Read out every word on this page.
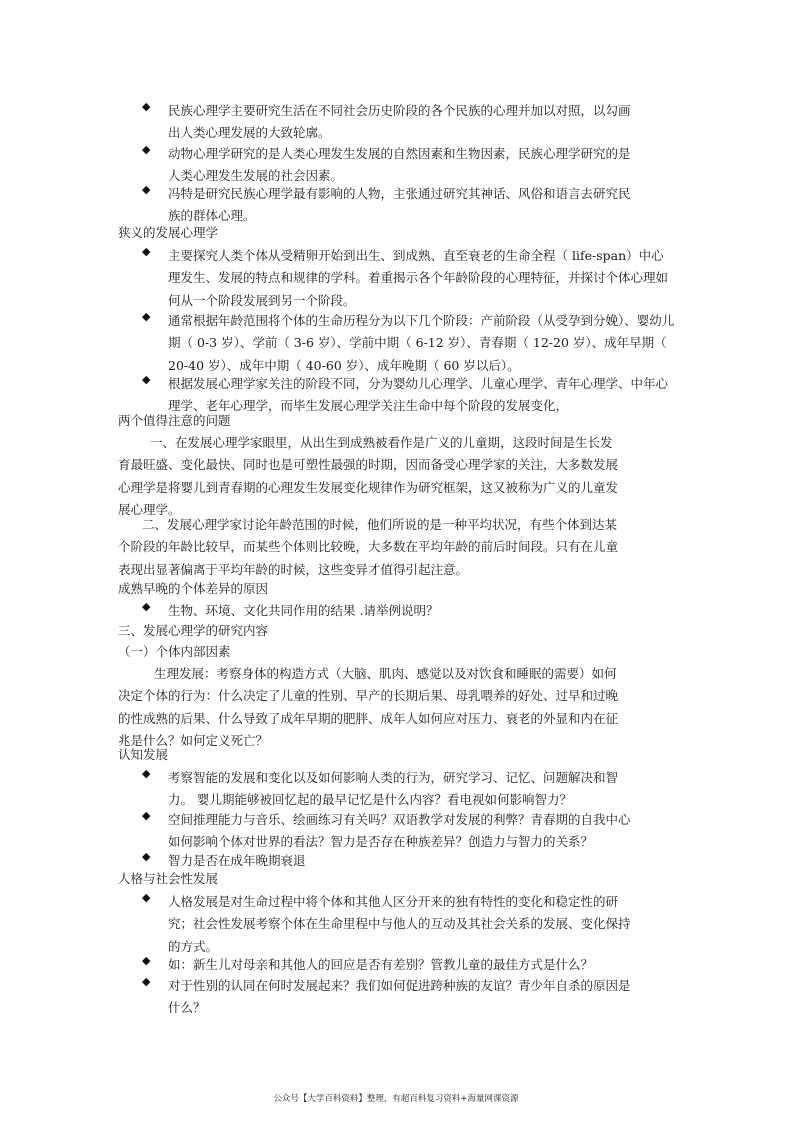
◆ 民族心理学主要研究生活在不同社会历史阶段的各个民族的心理并加以对照，以勾画出人类心理发展的大致轮廓。
◆ 动物心理学研究的是人类心理发生发展的自然因素和生物因素，民族心理学研究的是人类心理发生发展的社会因素。
◆ 冯特是研究民族心理学最有影响的人物，主张通过研究其神话、风俗和语言去研究民族的群体心理。
狭义的发展心理学
◆ 主要探究人类个体从受精卵开始到出生、到成熟、直至衰老的生命全程（ life-span）中心理发生、发展的特点和规律的学科。着重揭示各个年龄阶段的心理特征，并探讨个体心理如何从一个阶段发展到另一个阶段。
◆ 通常根据年龄范围将个体的生命历程分为以下几个阶段：产前阶段（从受孕到分娩）、婴幼儿期（ 0-3 岁）、学前（ 3-6 岁）、学前中期（ 6-12 岁）、青春期（ 12-20 岁）、成年早期（ 20-40 岁）、成年中期（ 40-60 岁）、成年晚期（ 60 岁以后）。
◆ 根据发展心理学家关注的阶段不同，分为婴幼儿心理学、儿童心理学、青年心理学、中年心理学、老年心理学，而毕生发展心理学关注生命中每个阶段的发展变化，
两个值得注意的问题
一、在发展心理学家眼里，从出生到成熟被看作是广义的儿童期，这段时间是生长发育最旺盛、变化最快、同时也是可塑性最强的时期，因而备受心理学家的关注，大多数发展心理学是将婴儿到青春期的心理发生发展变化规律作为研究框架，这又被称为广义的儿童发展心理学。
二、发展心理学家讨论年龄范围的时候，他们所说的是一种平均状况，有些个体到达某个阶段的年龄比较早，而某些个体则比较晚，大多数在平均年龄的前后时间段。只有在儿童表现出显著偏离于平均年龄的时候，这些变异才值得引起注意。
成熟早晚的个体差异的原因
◆ 生物、环境、文化共同作用的结果 .请举例说明？
三、发展心理学的研究内容
（一）个体内部因素
生理发展：考察身体的构造方式（大脑、肌肉、感觉以及对饮食和睡眠的需要）如何决定个体的行为：什么决定了儿童的性别、早产的长期后果、母乳喂养的好处、过早和过晚的性成熟的后果、什么导致了成年早期的肥胖、成年人如何应对压力、衰老的外显和内在征兆是什么？如何定义死亡？
认知发展
◆ 考察智能的发展和变化以及如何影响人类的行为，研究学习、记忆、问题解决和智力。 婴儿期能够被回忆起的最早记忆是什么内容？看电视如何影响智力？
◆ 空间推理能力与音乐、绘画练习有关吗？双语教学对发展的利弊？青春期的自我中心如何影响个体对世界的看法？智力是否存在种族差异？创造力与智力的关系？
◆ 智力是否在成年晚期衰退
人格与社会性发展
◆ 人格发展是对生命过程中将个体和其他人区分开来的独有特性的变化和稳定性的研究；社会性发展考察个体在生命里程中与他人的互动及其社会关系的发展、变化保持的方式。
◆ 如：新生儿对母亲和其他人的回应是否有差别？管教儿童的最佳方式是什么？
◆ 对于性别的认同在何时发展起来？我们如何促进跨种族的友谊？青少年自杀的原因是什么？
公众号【大学百科资料】整理，有超百科复习资料+海量网课资源
